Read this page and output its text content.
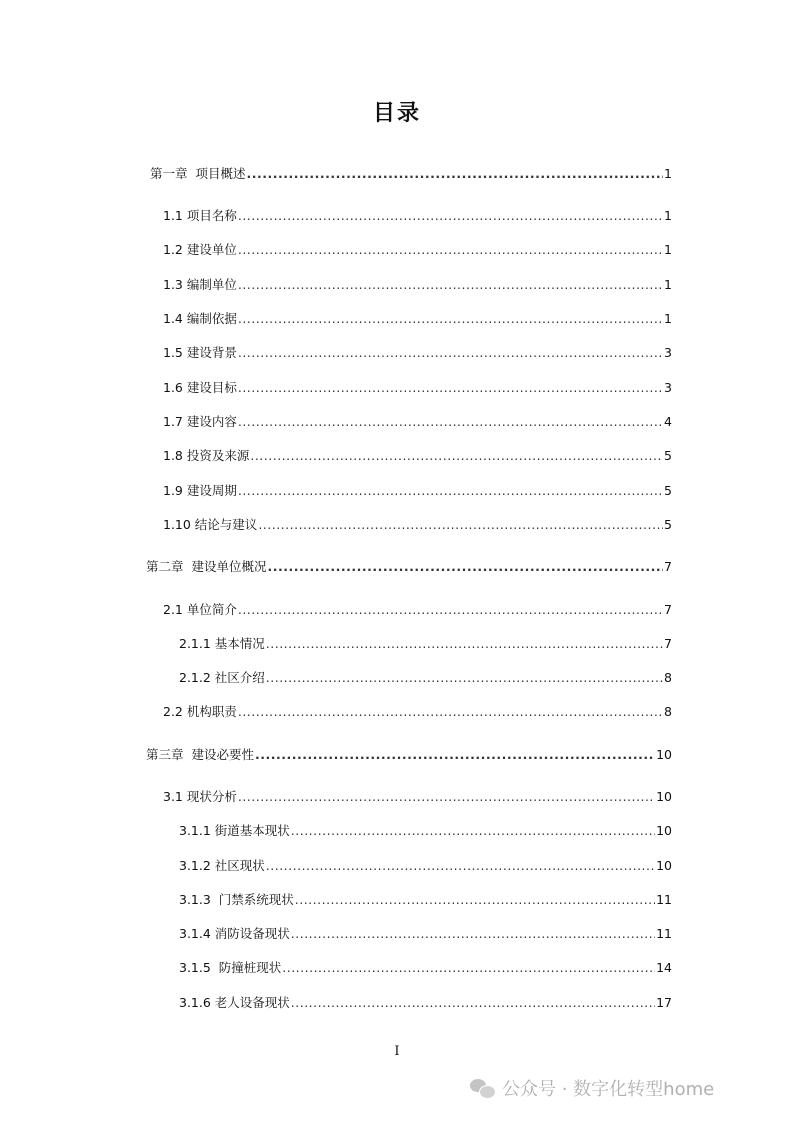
目录
第一章  项目概述 .....	1
1.1 项目名称 .....	1
1.2 建设单位 .....	1
1.3 编制单位 .....	1
1.4 编制依据 .....	1
1.5 建设背景 .....	3
1.6 建设目标 .....	3
1.7 建设内容 .....	4
1.8 投资及来源 .....	5
1.9 建设周期 .....	5
1.10 结论与建议 .....	5
第二章  建设单位概况 .....	7
2.1 单位简介 .....	7
2.1.1 基本情况 .....	7
2.1.2 社区介绍 .....	8
2.2 机构职责 .....	8
第三章  建设必要性 .....	10
3.1 现状分析 .....	10
3.1.1 街道基本现状 .....	10
3.1.2 社区现状 .....	10
3.1.3  门禁系统现状 .....	11
3.1.4 消防设备现状 .....	11
3.1.5  防撞桩现状 .....	14
3.1.6 老人设备现状 .....	17
I
公众号 · 数字化转型home
